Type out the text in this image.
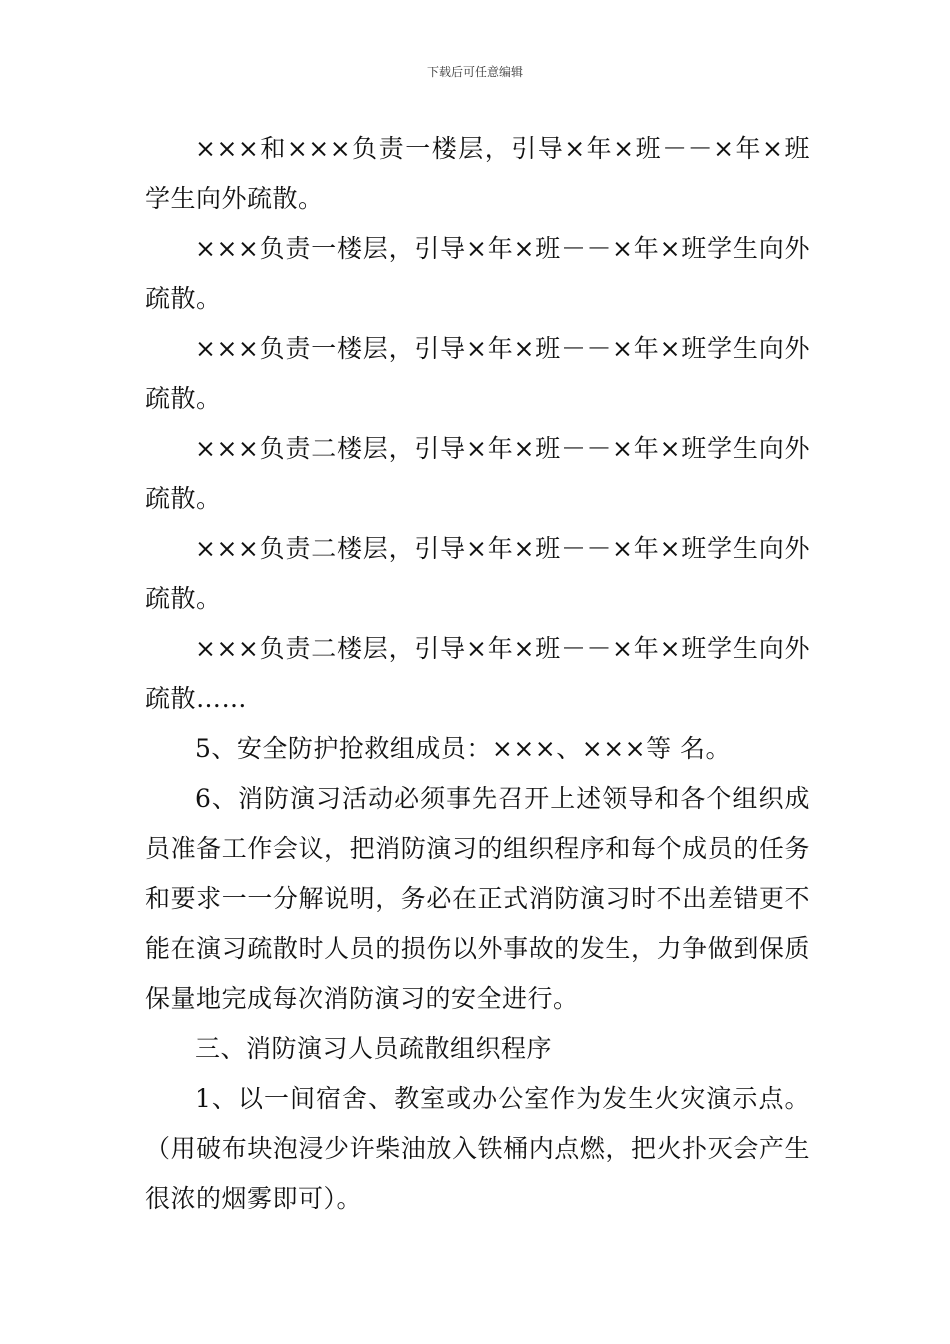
下载后可任意编辑

×××和×××负责一楼层，引导×年×班－－×年×班学生向外疏散。

×××负责一楼层，引导×年×班－－×年×班学生向外疏散。

×××负责一楼层，引导×年×班－－×年×班学生向外疏散。

×××负责二楼层，引导×年×班－－×年×班学生向外疏散。

×××负责二楼层，引导×年×班－－×年×班学生向外疏散。

×××负责二楼层，引导×年×班－－×年×班学生向外疏散……

5、安全防护抢救组成员：×××、×××等 名。

6、消防演习活动必须事先召开上述领导和各个组织成员准备工作会议，把消防演习的组织程序和每个成员的任务和要求一一分解说明，务必在正式消防演习时不出差错更不能在演习疏散时人员的损伤以外事故的发生，力争做到保质保量地完成每次消防演习的安全进行。

三、消防演习人员疏散组织程序

1、以一间宿舍、教室或办公室作为发生火灾演示点。（用破布块泡浸少许柴油放入铁桶内点燃，把火扑灭会产生很浓的烟雾即可）。
